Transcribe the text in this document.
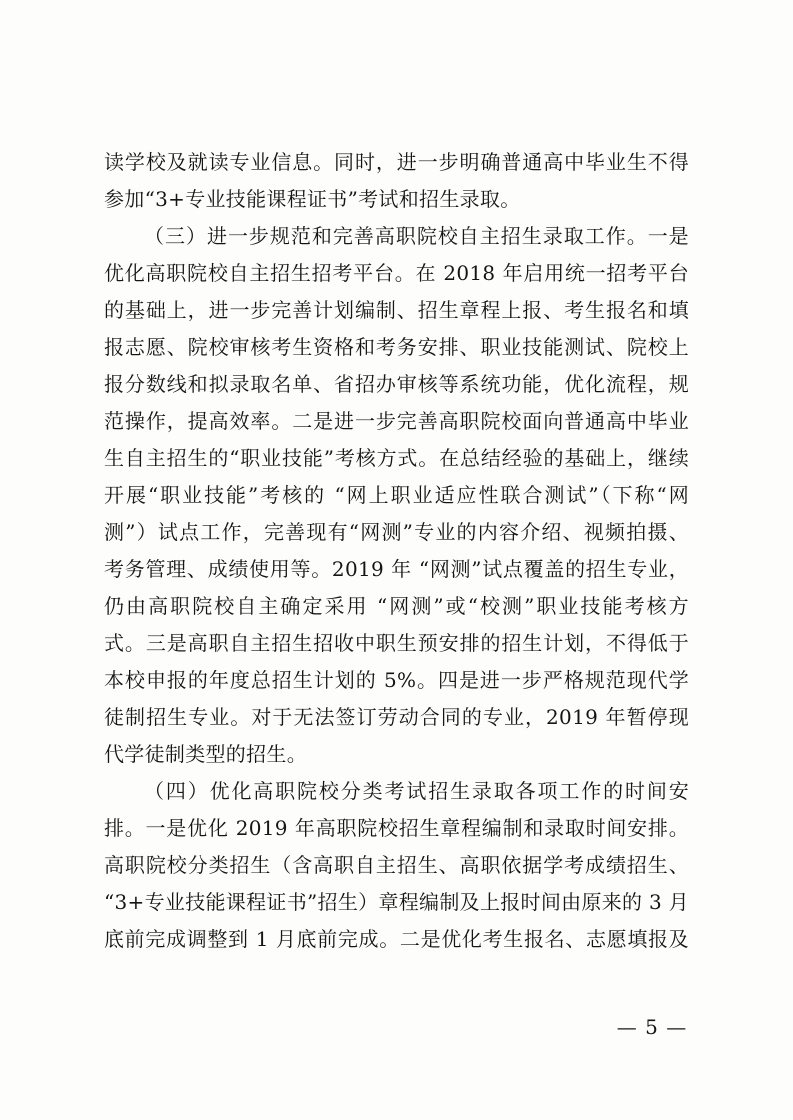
读学校及就读专业信息。同时，进一步明确普通高中毕业生不得
参加“3+专业技能课程证书”考试和招生录取。
（三）进一步规范和完善高职院校自主招生录取工作。一是
优化高职院校自主招生招考平台。在 2018 年启用统一招考平台
的基础上，进一步完善计划编制、招生章程上报、考生报名和填
报志愿、院校审核考生资格和考务安排、职业技能测试、院校上
报分数线和拟录取名单、省招办审核等系统功能，优化流程，规
范操作，提高效率。二是进一步完善高职院校面向普通高中毕业
生自主招生的“职业技能”考核方式。在总结经验的基础上，继续
开展“职业技能”考核的 “网上职业适应性联合测试”（下称“网
测”）试点工作，完善现有“网测”专业的内容介绍、视频拍摄、
考务管理、成绩使用等。2019 年 “网测”试点覆盖的招生专业，
仍由高职院校自主确定采用 “网测”或“校测”职业技能考核方
式。三是高职自主招生招收中职生预安排的招生计划，不得低于
本校申报的年度总招生计划的 5%。四是进一步严格规范现代学
徒制招生专业。对于无法签订劳动合同的专业，2019 年暂停现
代学徒制类型的招生。
（四）优化高职院校分类考试招生录取各项工作的时间安
排。一是优化 2019 年高职院校招生章程编制和录取时间安排。
高职院校分类招生（含高职自主招生、高职依据学考成绩招生、
“3+专业技能课程证书”招生）章程编制及上报时间由原来的 3 月
底前完成调整到 1 月底前完成。二是优化考生报名、志愿填报及
— 5 —
